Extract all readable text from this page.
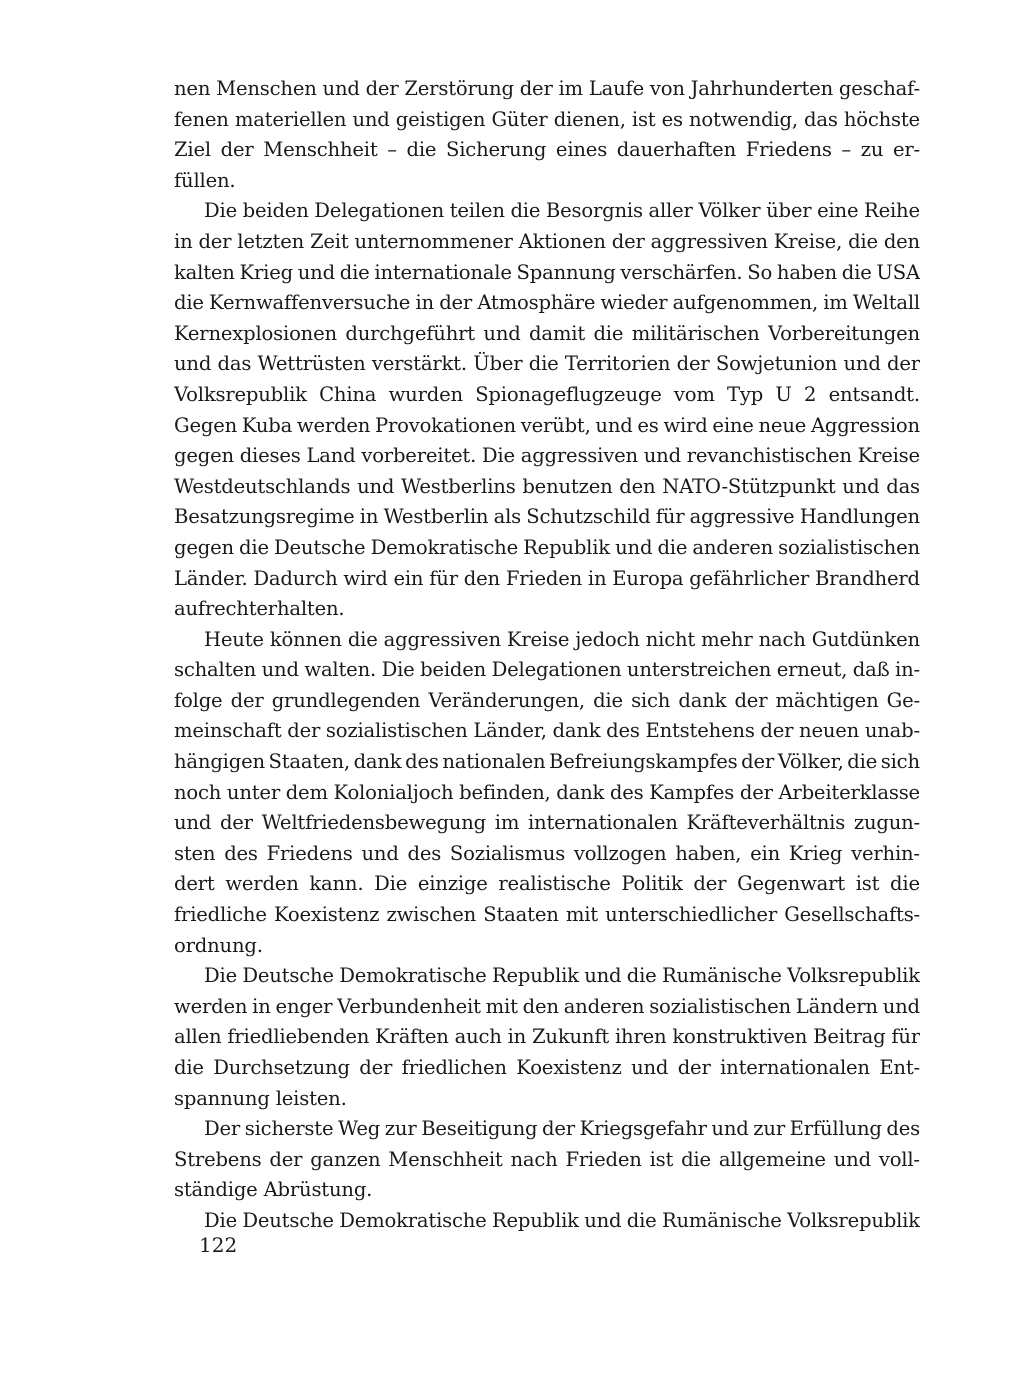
nen Menschen und der Zerstörung der im Laufe von Jahrhunderten geschaf-
fenen materiellen und geistigen Güter dienen, ist es notwendig, das höchste
Ziel der Menschheit – die Sicherung eines dauerhaften Friedens – zu er-
füllen.
Die beiden Delegationen teilen die Besorgnis aller Völker über eine Reihe
in der letzten Zeit unternommener Aktionen der aggressiven Kreise, die den
kalten Krieg und die internationale Spannung verschärfen. So haben die USA
die Kernwaffenversuche in der Atmosphäre wieder aufgenommen, im Weltall
Kernexplosionen durchgeführt und damit die militärischen Vorbereitungen
und das Wettrüsten verstärkt. Über die Territorien der Sowjetunion und der
Volksrepublik China wurden Spionageflugzeuge vom Typ U 2 entsandt.
Gegen Kuba werden Provokationen verübt, und es wird eine neue Aggression
gegen dieses Land vorbereitet. Die aggressiven und revanchistischen Kreise
Westdeutschlands und Westberlins benutzen den NATO-Stützpunkt und das
Besatzungsregime in Westberlin als Schutzschild für aggressive Handlungen
gegen die Deutsche Demokratische Republik und die anderen sozialistischen
Länder. Dadurch wird ein für den Frieden in Europa gefährlicher Brandherd
aufrechterhalten.
Heute können die aggressiven Kreise jedoch nicht mehr nach Gutdünken
schalten und walten. Die beiden Delegationen unterstreichen erneut, daß in-
folge der grundlegenden Veränderungen, die sich dank der mächtigen Ge-
meinschaft der sozialistischen Länder, dank des Entstehens der neuen unab-
hängigen Staaten, dank des nationalen Befreiungskampfes der Völker, die sich
noch unter dem Kolonialjoch befinden, dank des Kampfes der Arbeiterklasse
und der Weltfriedensbewegung im internationalen Kräfteverhältnis zugun-
sten des Friedens und des Sozialismus vollzogen haben, ein Krieg verhin-
dert werden kann. Die einzige realistische Politik der Gegenwart ist die
friedliche Koexistenz zwischen Staaten mit unterschiedlicher Gesellschafts-
ordnung.
Die Deutsche Demokratische Republik und die Rumänische Volksrepublik
werden in enger Verbundenheit mit den anderen sozialistischen Ländern und
allen friedliebenden Kräften auch in Zukunft ihren konstruktiven Beitrag für
die Durchsetzung der friedlichen Koexistenz und der internationalen Ent-
spannung leisten.
Der sicherste Weg zur Beseitigung der Kriegsgefahr und zur Erfüllung des
Strebens der ganzen Menschheit nach Frieden ist die allgemeine und voll-
ständige Abrüstung.
Die Deutsche Demokratische Republik und die Rumänische Volksrepublik
122
